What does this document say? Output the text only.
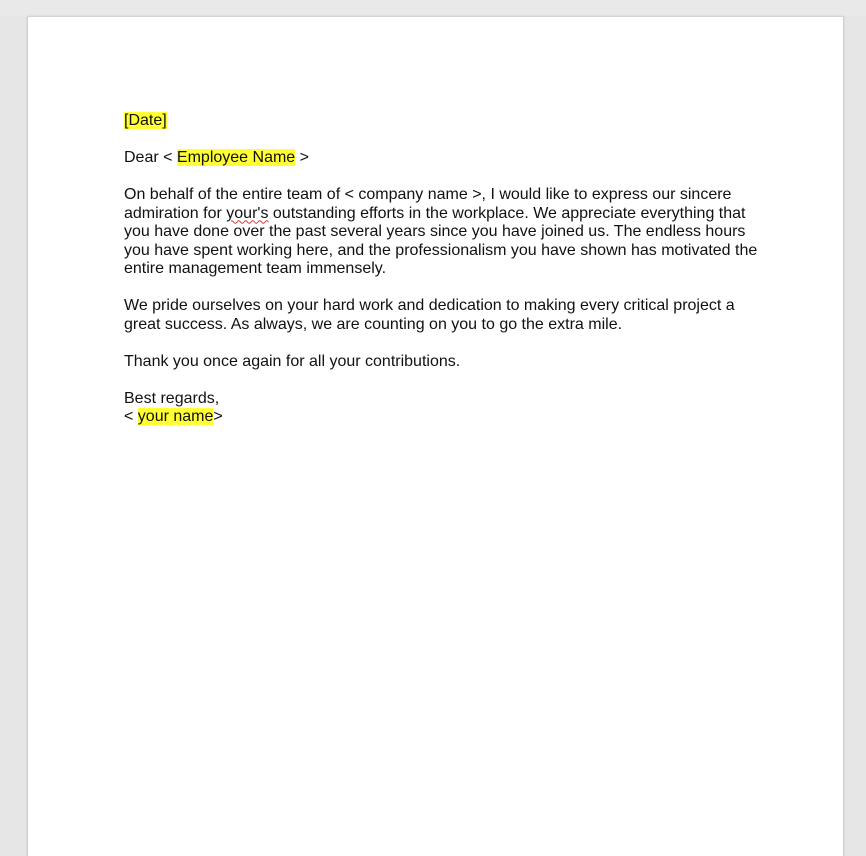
[Date]

Dear < Employee Name >

On behalf of the entire team of < company name >, I would like to express our sincere admiration for your's outstanding efforts in the workplace. We appreciate everything that you have done over the past several years since you have joined us. The endless hours you have spent working here, and the professionalism you have shown has motivated the entire management team immensely.

We pride ourselves on your hard work and dedication to making every critical project a great success. As always, we are counting on you to go the extra mile.

Thank you once again for all your contributions.

Best regards,

< your name>
